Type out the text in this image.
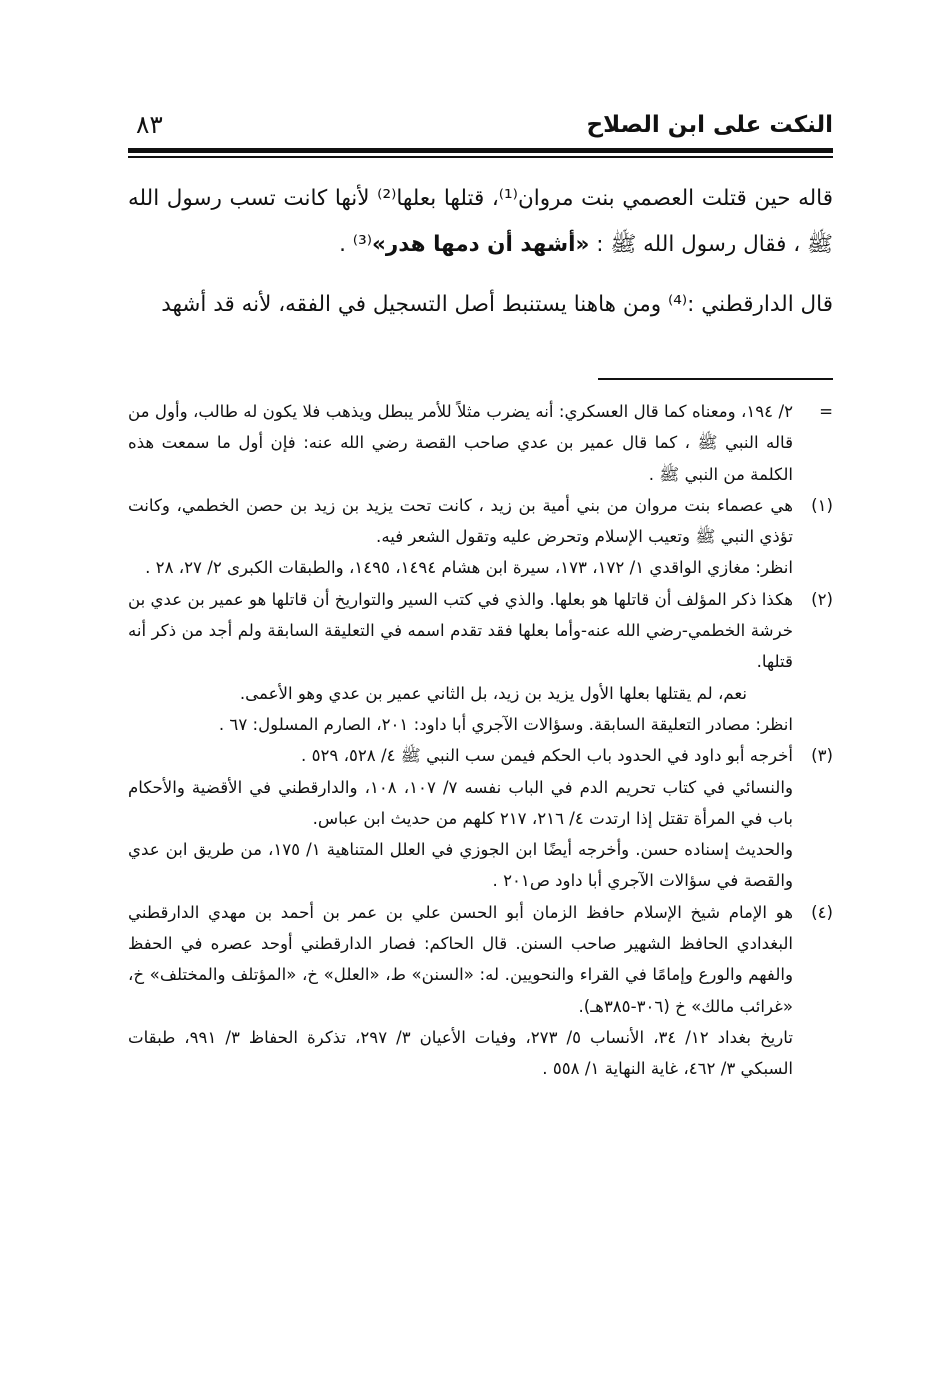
النكت على ابن الصلاح
٨٣

قاله حين قتلت العصمي بنت مروان⁽¹⁾، قتلها بعلها⁽²⁾ لأنها كانت تسب رسول الله ﷺ ، فقال رسول الله ﷺ : «أشهد أن دمها هدر»⁽³⁾ .

قال الدارقطني :⁽⁴⁾ ومن هاهنا يستنبط أصل التسجيل في الفقه، لأنه قد أشهد

=
٢/ ١٩٤، ومعناه كما قال العسكري: أنه يضرب مثلاً للأمر يبطل ويذهب فلا يكون له طالب، وأول من قاله النبي ﷺ ، كما قال عمير بن عدي صاحب القصة رضي الله عنه: فإن أول ما سمعت هذه الكلمة من النبي ﷺ .
(١)
هي عصماء بنت مروان من بني أمية بن زيد ، كانت تحت يزيد بن زيد بن حصن الخطمي، وكانت تؤذي النبي ﷺ وتعيب الإسلام وتحرض عليه وتقول الشعر فيه.
انظر: مغازي الواقدي ١/ ١٧٢، ١٧٣، سيرة ابن هشام ١٤٩٤، ١٤٩٥، والطبقات الكبرى ٢/ ٢٧، ٢٨ .
(٢)
هكذا ذكر المؤلف أن قاتلها هو بعلها. والذي في كتب السير والتواريخ أن قاتلها هو عمير بن عدي بن خرشة الخطمي-رضي الله عنه-وأما بعلها فقد تقدم اسمه في التعليقة السابقة ولم أجد من ذكر أنه قتلها.
نعم، لم يقتلها بعلها الأول يزيد بن زيد، بل الثاني عمير بن عدي وهو الأعمى.
انظر: مصادر التعليقة السابقة. وسؤالات الآجري أبا داود: ٢٠١، الصارم المسلول: ٦٧ .
(٣)
أخرجه أبو داود في الحدود باب الحكم فيمن سب النبي ﷺ ٤/ ٥٢٨، ٥٢٩ .
والنسائي في كتاب تحريم الدم في الباب نفسه ٧/ ١٠٧، ١٠٨، والدارقطني في الأقضية والأحكام باب في المرأة تقتل إذا ارتدت ٤/ ٢١٦، ٢١٧ كلهم من حديث ابن عباس.
والحديث إسناده حسن. وأخرجه أيضًا ابن الجوزي في العلل المتناهية ١/ ١٧٥، من طريق ابن عدي والقصة في سؤالات الآجري أبا داود ص٢٠١ .
(٤)
هو الإمام شيخ الإسلام حافظ الزمان أبو الحسن علي بن عمر بن أحمد بن مهدي الدارقطني البغدادي الحافظ الشهير صاحب السنن. قال الحاكم: فصار الدارقطني أوحد عصره في الحفظ والفهم والورع وإمامًا في القراء والنحويين. له: «السنن» ط، «العلل» خ، «المؤتلف والمختلف» خ، «غرائب مالك» خ (٣٠٦-٣٨٥هـ).
تاريخ بغداد ١٢/ ٣٤، الأنساب ٥/ ٢٧٣، وفيات الأعيان ٣/ ٢٩٧، تذكرة الحفاظ ٣/ ٩٩١، طبقات السبكي ٣/ ٤٦٢، غاية النهاية ١/ ٥٥٨ .
